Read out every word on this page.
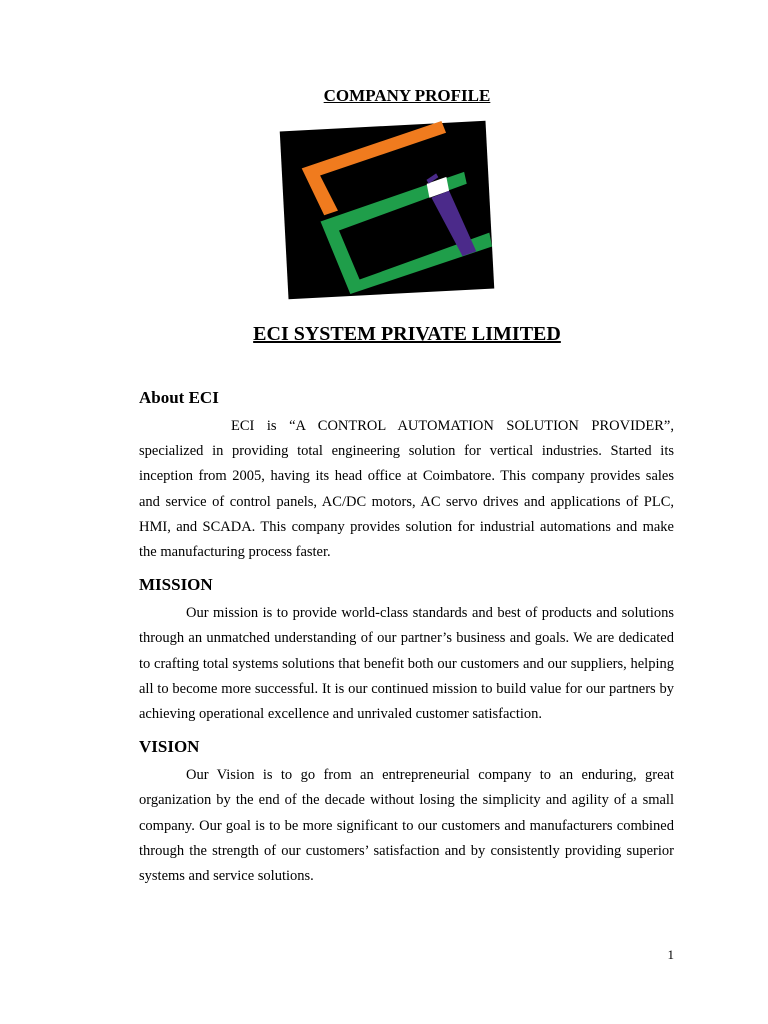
COMPANY PROFILE
ECI SYSTEM PRIVATE LIMITED
About ECI

ECI is “A CONTROL AUTOMATION SOLUTION PROVIDER”, specialized in providing total engineering solution for vertical industries. Started its inception from 2005, having its head office at Coimbatore. This company provides sales and service of control panels, AC/DC motors, AC servo drives and applications of PLC, HMI, and SCADA. This company provides solution for industrial automations and make the manufacturing process faster.

MISSION

Our mission is to provide world-class standards and best of products and solutions through an unmatched understanding of our partner’s business and goals. We are dedicated to crafting total systems solutions that benefit both our customers and our suppliers, helping all to become more successful. It is our continued mission to build value for our partners by achieving operational excellence and unrivaled customer satisfaction.

VISION

Our Vision is to go from an entrepreneurial company to an enduring, great organization by the end of the decade without losing the simplicity and agility of a small company. Our goal is to be more significant to our customers and manufacturers combined through the strength of our customers’ satisfaction and by consistently providing superior systems and service solutions.

1
